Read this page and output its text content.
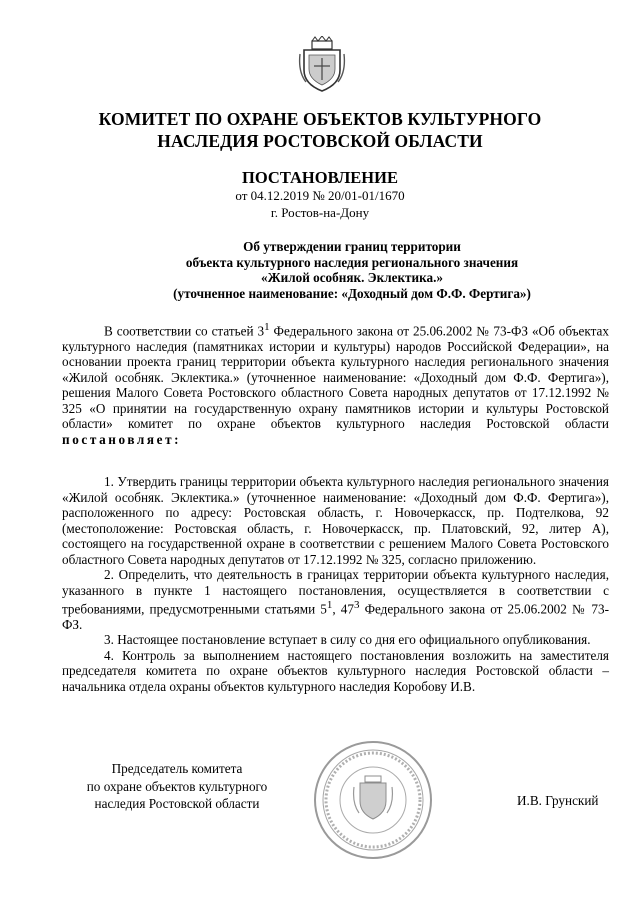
КОМИТЕТ ПО ОХРАНЕ ОБЪЕКТОВ КУЛЬТУРНОГО
НАСЛЕДИЯ РОСТОВСКОЙ ОБЛАСТИ
ПОСТАНОВЛЕНИЕ
от 04.12.2019 № 20/01-01/1670
г. Ростов-на-Дону
Об утверждении границ территории
объекта культурного наследия регионального значения
«Жилой особняк. Эклектика.»
(уточненное наименование: «Доходный дом Ф.Ф. Фертига»)

В соответствии со статьей $3^1$ Федерального закона от 25.06.2002 № 73-ФЗ «Об объектах культурного наследия (памятниках истории и культуры) народов Российской Федерации», на основании проекта границ территории объекта культурного наследия регионального значения «Жилой особняк. Эклектика.» (уточненное наименование: «Доходный дом Ф.Ф. Фертига»), решения Малого Совета Ростовского областного Совета народных депутатов от 17.12.1992 № 325 «О принятии на государственную охрану памятников истории и культуры Ростовской области» комитет по охране объектов культурного наследия Ростовской области постановляет:

1. Утвердить границы территории объекта культурного наследия регионального значения «Жилой особняк. Эклектика.» (уточненное наименование: «Доходный дом Ф.Ф. Фертига»), расположенного по адресу: Ростовская область, г. Новочеркасск, пр. Подтелкова, 92 (местоположение: Ростовская область, г. Новочеркасск, пр. Платовский, 92, литер А), состоящего на государственной охране в соответствии с решением Малого Совета Ростовского областного Совета народных депутатов от 17.12.1992 № 325, согласно приложению.

2. Определить, что деятельность в границах территории объекта культурного наследия, указанного в пункте 1 настоящего постановления, осуществляется в соответствии с требованиями, предусмотренными статьями $5^1$, $47^3$ Федерального закона от 25.06.2002 № 73-ФЗ.

3. Настоящее постановление вступает в силу со дня его официального опубликования.

4. Контроль за выполнением настоящего постановления возложить на заместителя председателя комитета по охране объектов культурного наследия Ростовской области – начальника отдела охраны объектов культурного наследия Коробову И.В.

Председатель комитета
по охране объектов культурного
наследия Ростовской области	И.В. Грунский
